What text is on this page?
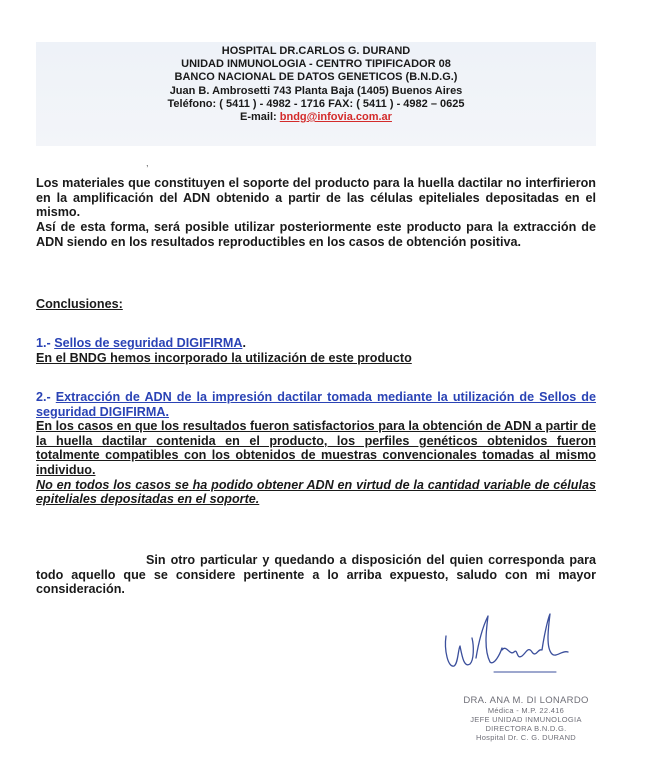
HOSPITAL DR.CARLOS G. DURAND
UNIDAD INMUNOLOGIA - CENTRO TIPIFICADOR 08
BANCO NACIONAL DE DATOS GENETICOS (B.N.D.G.)
Juan B. Ambrosetti 743 Planta Baja (1405) Buenos Aires
Teléfono: ( 5411 ) - 4982 - 1716 FAX: ( 5411 ) - 4982 – 0625
E-mail: bndg@infovia.com.ar
,
Los materiales que constituyen el soporte del producto para la huella dactilar no interfirieron en la amplificación del ADN obtenido a partir de las células epiteliales depositadas en el mismo.
Así de esta forma, será posible utilizar posteriormente este producto para la extracción de ADN siendo en los resultados reproductibles en los casos de obtención positiva.
Conclusiones:
1.- Sellos de seguridad DIGIFIRMA.
En el BNDG hemos incorporado la utilización de este producto
2.- Extracción de ADN de la impresión dactilar tomada mediante la utilización de Sellos de seguridad DIGIFIRMA.
En los casos en que los resultados fueron satisfactorios para la obtención de ADN a partir de la huella dactilar contenida en el producto, los perfiles genéticos obtenidos fueron totalmente compatibles con los obtenidos de muestras convencionales tomadas al mismo individuo.
No en todos los casos se ha podido obtener ADN en virtud de la cantidad variable de células epiteliales depositadas en el soporte.
Sin otro particular y quedando a disposición del quien corresponda para todo aquello que se considere pertinente a lo arriba expuesto, saludo con mi mayor consideración.
DRA. ANA M. DI LONARDO
Médica - M.P. 22.416
JEFE UNIDAD INMUNOLOGIA
DIRECTORA B.N.D.G.
Hospital Dr. C. G. DURAND
